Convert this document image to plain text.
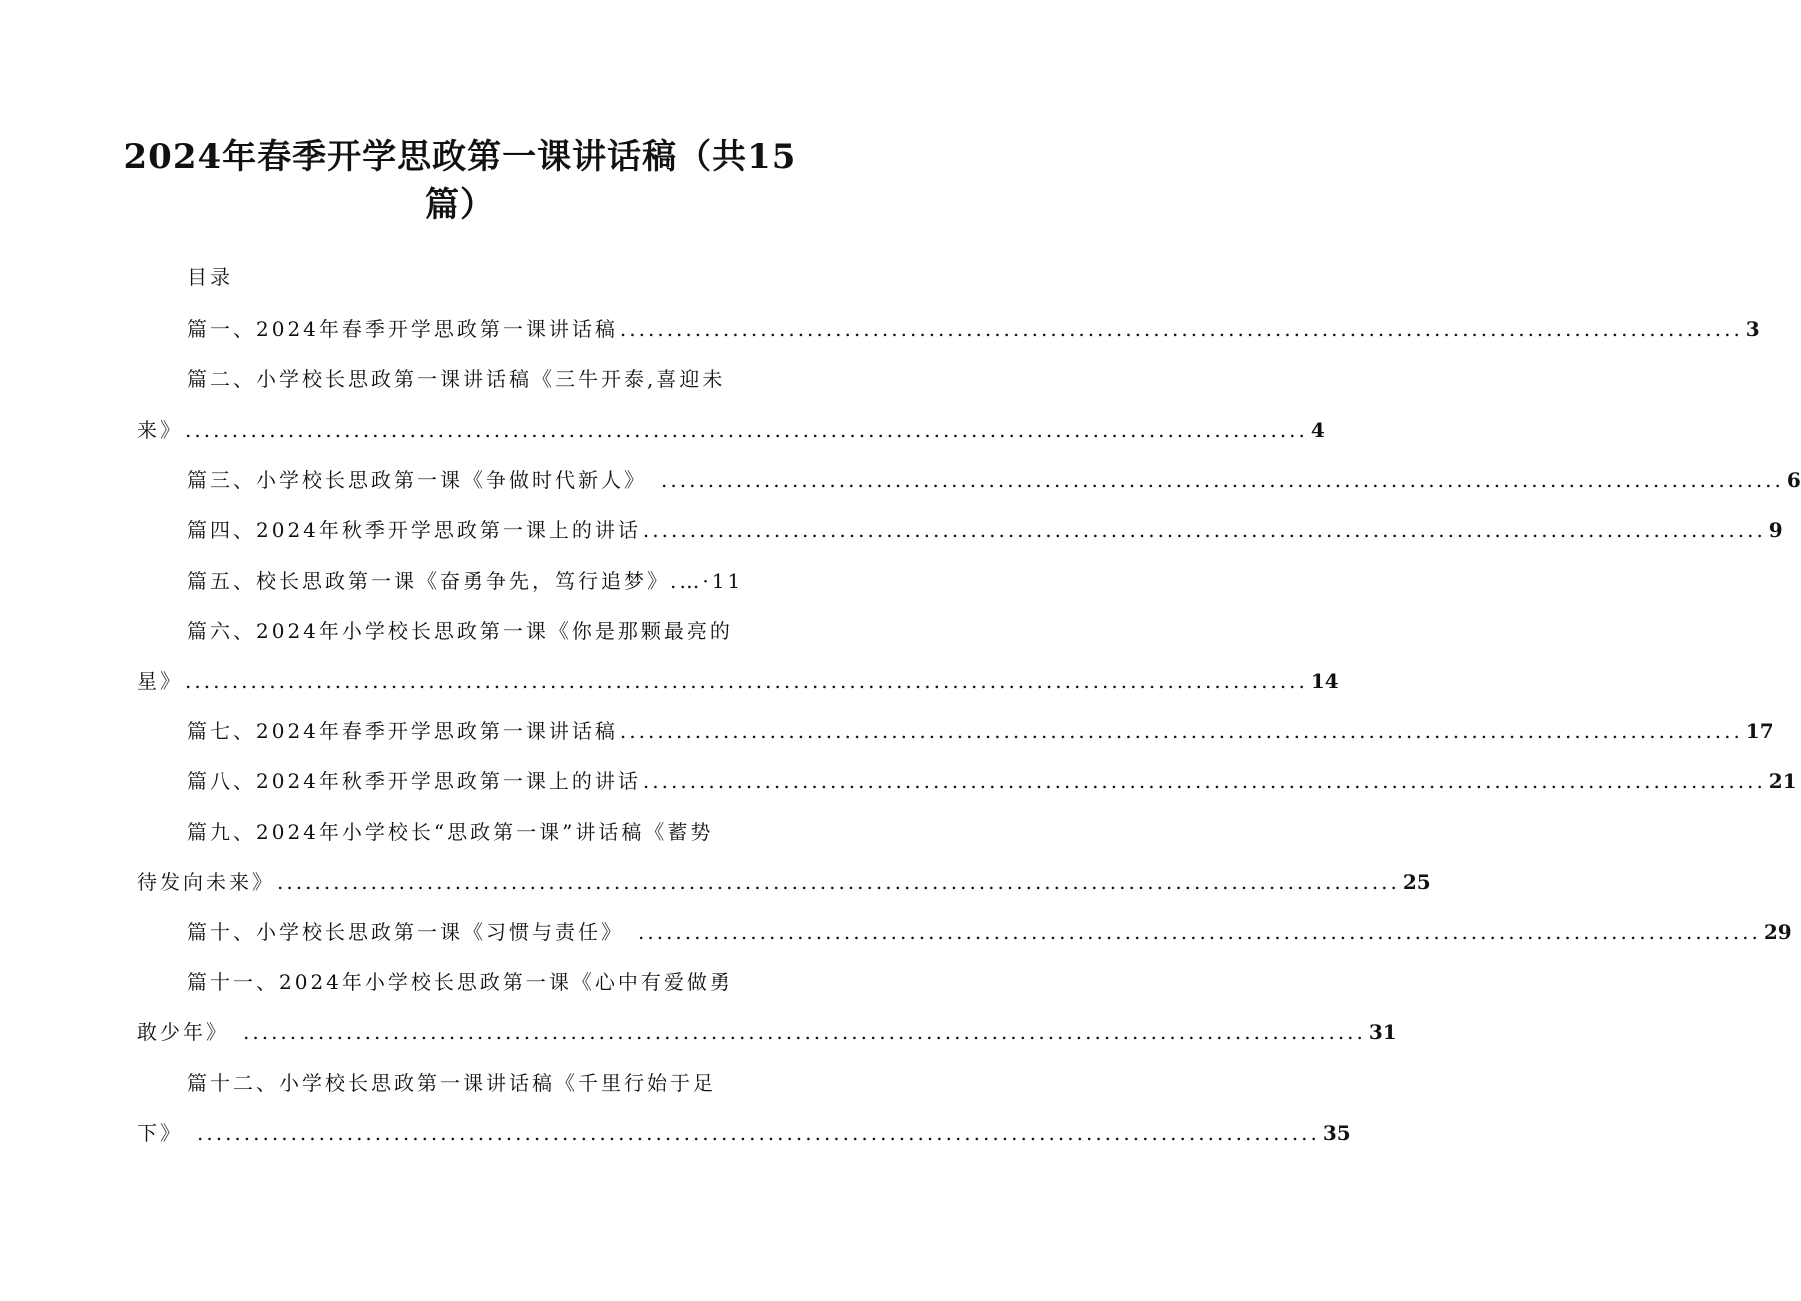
2024年春季开学思政第一课讲话稿（共15
篇）
目录
篇一、2024年春季开学思政第一课讲话稿 ........................................................................................................................ 3
篇二、小学校长思政第一课讲话稿《三牛开泰,喜迎未
来》 ........................................................................................................................ 4
篇三、小学校长思政第一课《争做时代新人》 ........................................................................................................................ 6
篇四、2024年秋季开学思政第一课上的讲话 ........................................................................................................................ 9
篇五、校长思政第一课《奋勇争先，笃行追梦》.…·11
篇六、2024年小学校长思政第一课《你是那颗最亮的
星》 ........................................................................................................................ 14
篇七、2024年春季开学思政第一课讲话稿 ........................................................................................................................ 17
篇八、2024年秋季开学思政第一课上的讲话 ........................................................................................................................ 21
篇九、2024年小学校长“思政第一课”讲话稿《蓄势
待发向未来》 ........................................................................................................................ 25
篇十、小学校长思政第一课《习惯与责任》 ........................................................................................................................ 29
篇十一、2024年小学校长思政第一课《心中有爱做勇
敢少年》 ........................................................................................................................ 31
篇十二、小学校长思政第一课讲话稿《千里行始于足
下》 ........................................................................................................................ 35
